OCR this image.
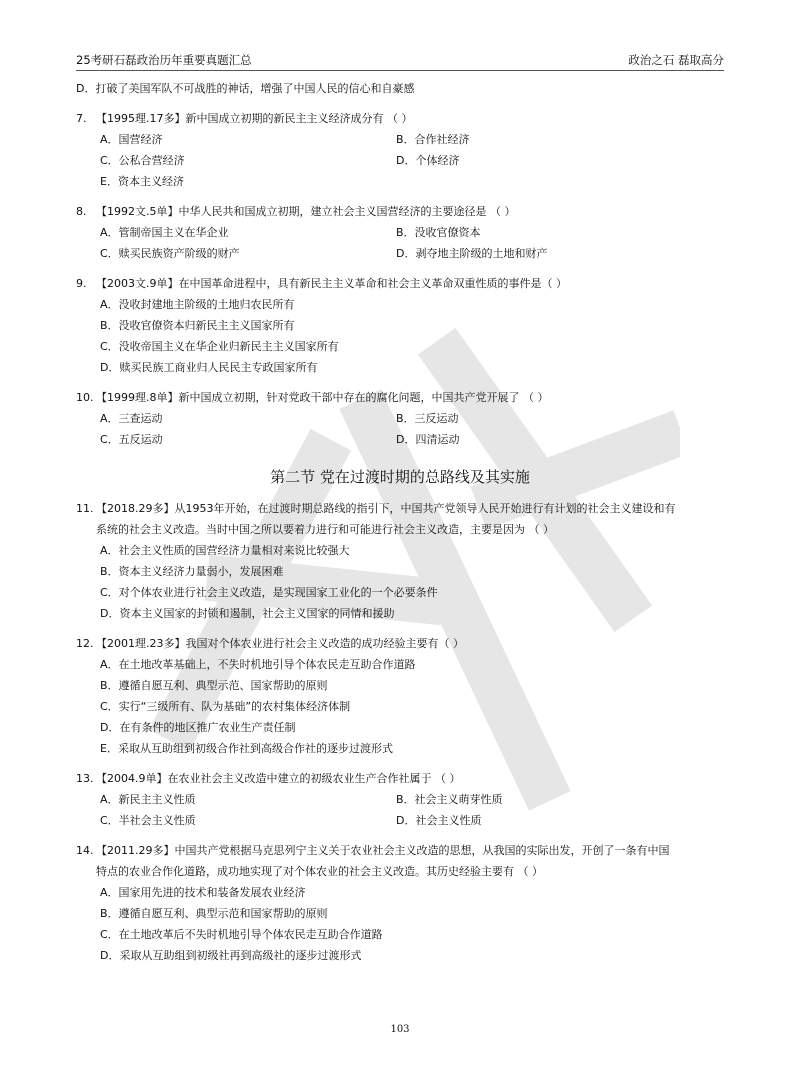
25考研石磊政治历年重要真题汇总	政治之石 磊取高分
D．打破了美国军队不可战胜的神话，增强了中国人民的信心和自豪感
7. 【1995理.17多】新中国成立初期的新民主主义经济成分有 （ ）
A．国营经济	B．合作社经济
C．公私合营经济	D．个体经济
E．资本主义经济
8. 【1992文.5单】中华人民共和国成立初期，建立社会主义国营经济的主要途径是 （ ）
A．管制帝国主义在华企业	B．没收官僚资本
C．赎买民族资产阶级的财产	D．剥夺地主阶级的土地和财产
9. 【2003文.9单】在中国革命进程中，具有新民主主义革命和社会主义革命双重性质的事件是（ ）
A．没收封建地主阶级的土地归农民所有
B．没收官僚资本归新民主主义国家所有
C．没收帝国主义在华企业归新民主主义国家所有
D．赎买民族工商业归人民民主专政国家所有
10. 【1999理.8单】新中国成立初期，针对党政干部中存在的腐化问题，中国共产党开展了 （ ）
A．三查运动	B．三反运动
C．五反运动	D．四清运动
第二节 党在过渡时期的总路线及其实施
11. 【2018.29多】从1953年开始，在过渡时期总路线的指引下，中国共产党领导人民开始进行有计划的社会主义建设和有
系统的社会主义改造。当时中国之所以要着力进行和可能进行社会主义改造，主要是因为 （ ）
A．社会主义性质的国营经济力量相对来说比较强大
B．资本主义经济力量弱小，发展困难
C．对个体农业进行社会主义改造，是实现国家工业化的一个必要条件
D．资本主义国家的封锁和遏制，社会主义国家的同情和援助
12. 【2001理.23多】我国对个体农业进行社会主义改造的成功经验主要有（ ）
A．在土地改革基础上，不失时机地引导个体农民走互助合作道路
B．遵循自愿互利、典型示范、国家帮助的原则
C．实行“三级所有、队为基础”的农村集体经济体制
D．在有条件的地区推广农业生产责任制
E．采取从互助组到初级合作社到高级合作社的逐步过渡形式
13. 【2004.9单】在农业社会主义改造中建立的初级农业生产合作社属于 （ ）
A．新民主主义性质	B．社会主义萌芽性质
C．半社会主义性质	D．社会主义性质
14. 【2011.29多】中国共产党根据马克思列宁主义关于农业社会主义改造的思想，从我国的实际出发，开创了一条有中国
特点的农业合作化道路，成功地实现了对个体农业的社会主义改造。其历史经验主要有 （ ）
A．国家用先进的技术和装备发展农业经济
B．遵循自愿互利、典型示范和国家帮助的原则
C．在土地改革后不失时机地引导个体农民走互助合作道路
D．采取从互助组到初级社再到高级社的逐步过渡形式
103
